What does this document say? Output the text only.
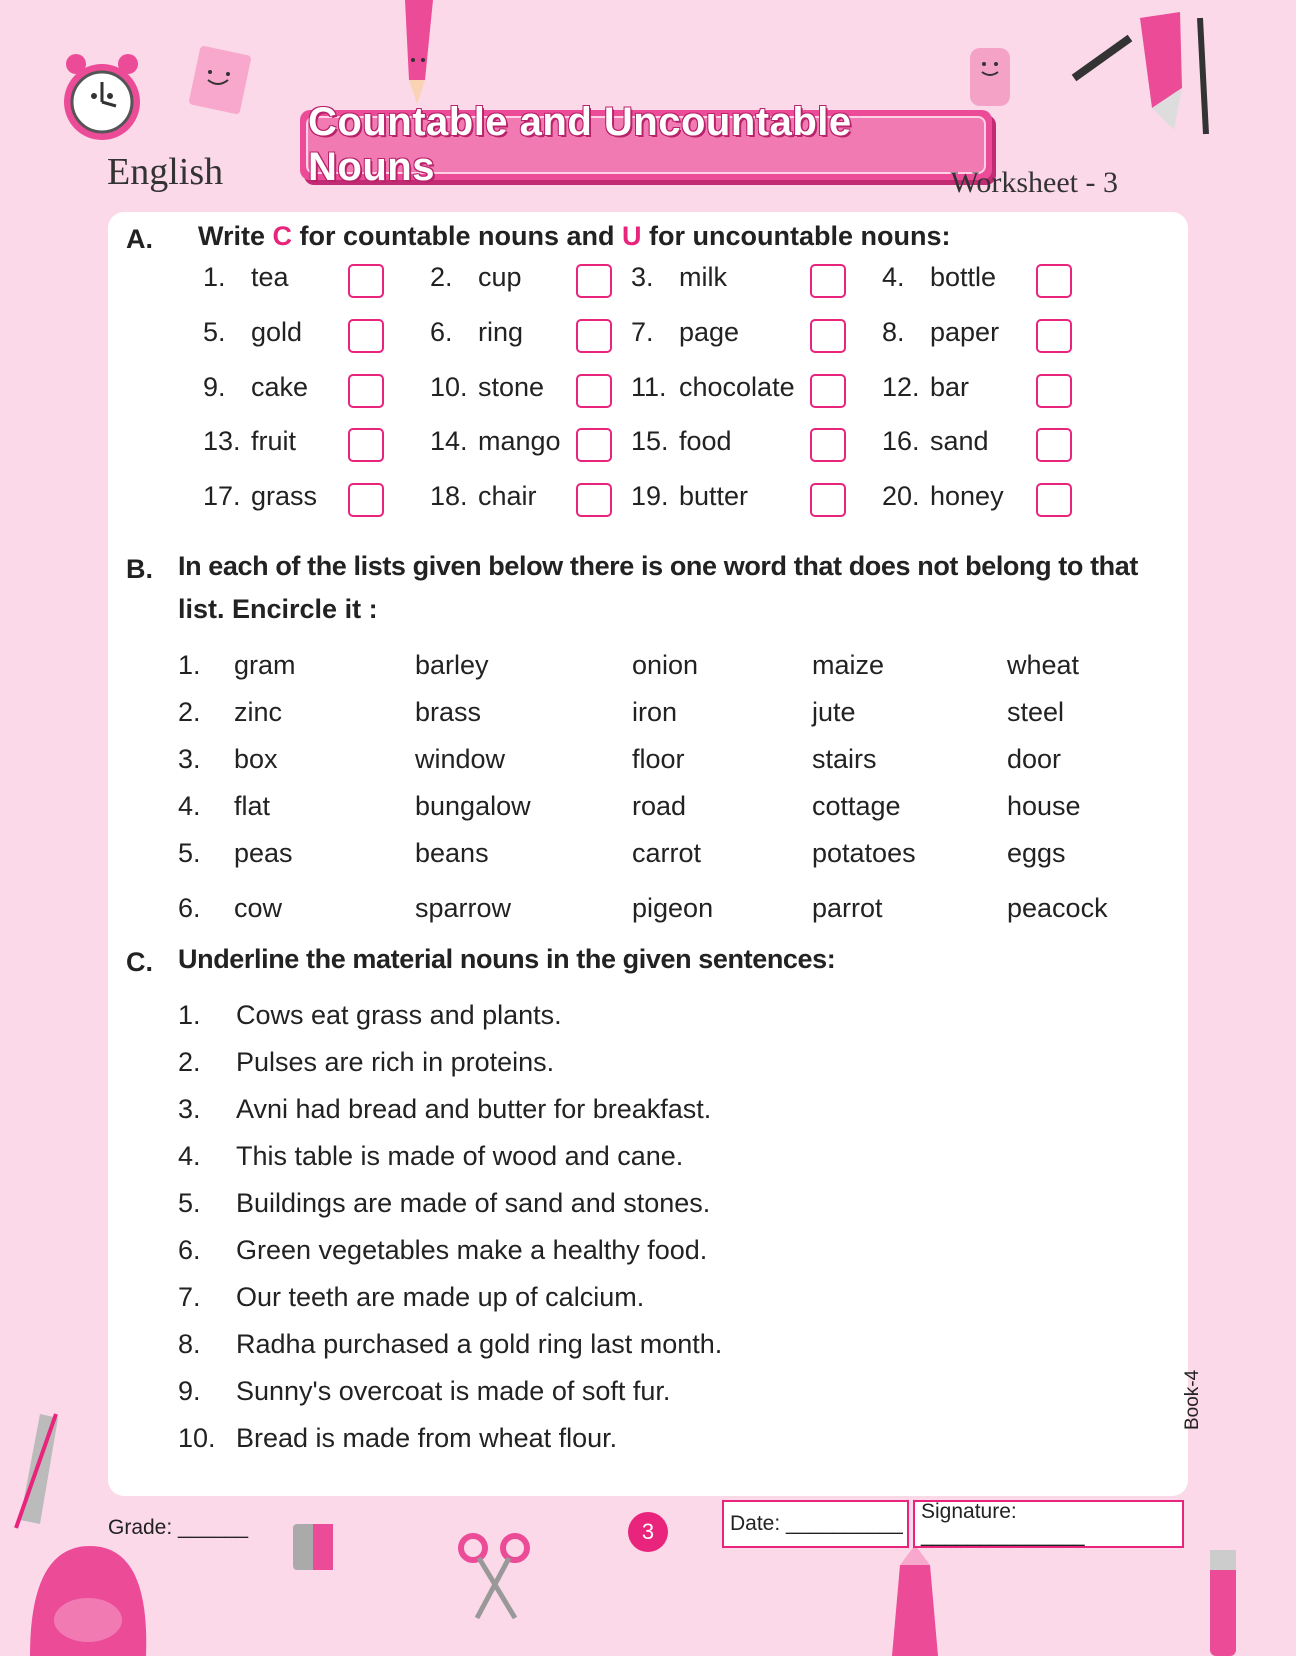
English
Countable and Uncountable Nouns	Worksheet - 3
A. Write C for countable nouns and U for uncountable nouns:
1. tea	2. cup	3. milk	4. bottle
5. gold	6. ring	7. page	8. paper
9. cake	10. stone	11. chocolate	12. bar
13. fruit	14. mango	15. food	16. sand
17. grass	18. chair	19. butter	20. honey
B. In each of the lists given below there is one word that does not belong to that
list. Encircle it :
1. gram	barley	onion	maize	wheat
2. zinc	brass	iron	jute	steel
3. box	window	floor	stairs	door
4. flat	bungalow	road	cottage	house
5. peas	beans	carrot	potatoes	eggs
6. cow	sparrow	pigeon	parrot	peacock
C. Underline the material nouns in the given sentences:
1. Cows eat grass and plants.
2. Pulses are rich in proteins.
3. Avni had bread and butter for breakfast.
4. This table is made of wood and cane.
5. Buildings are made of sand and stones.
6. Green vegetables make a healthy food.
7. Our teeth are made up of calcium.
8. Radha purchased a gold ring last month.
9. Sunny's overcoat is made of soft fur.
10. Bread is made from wheat flour.
Grade: ______	3	Date: __________
Signature: ______________
Book-4
